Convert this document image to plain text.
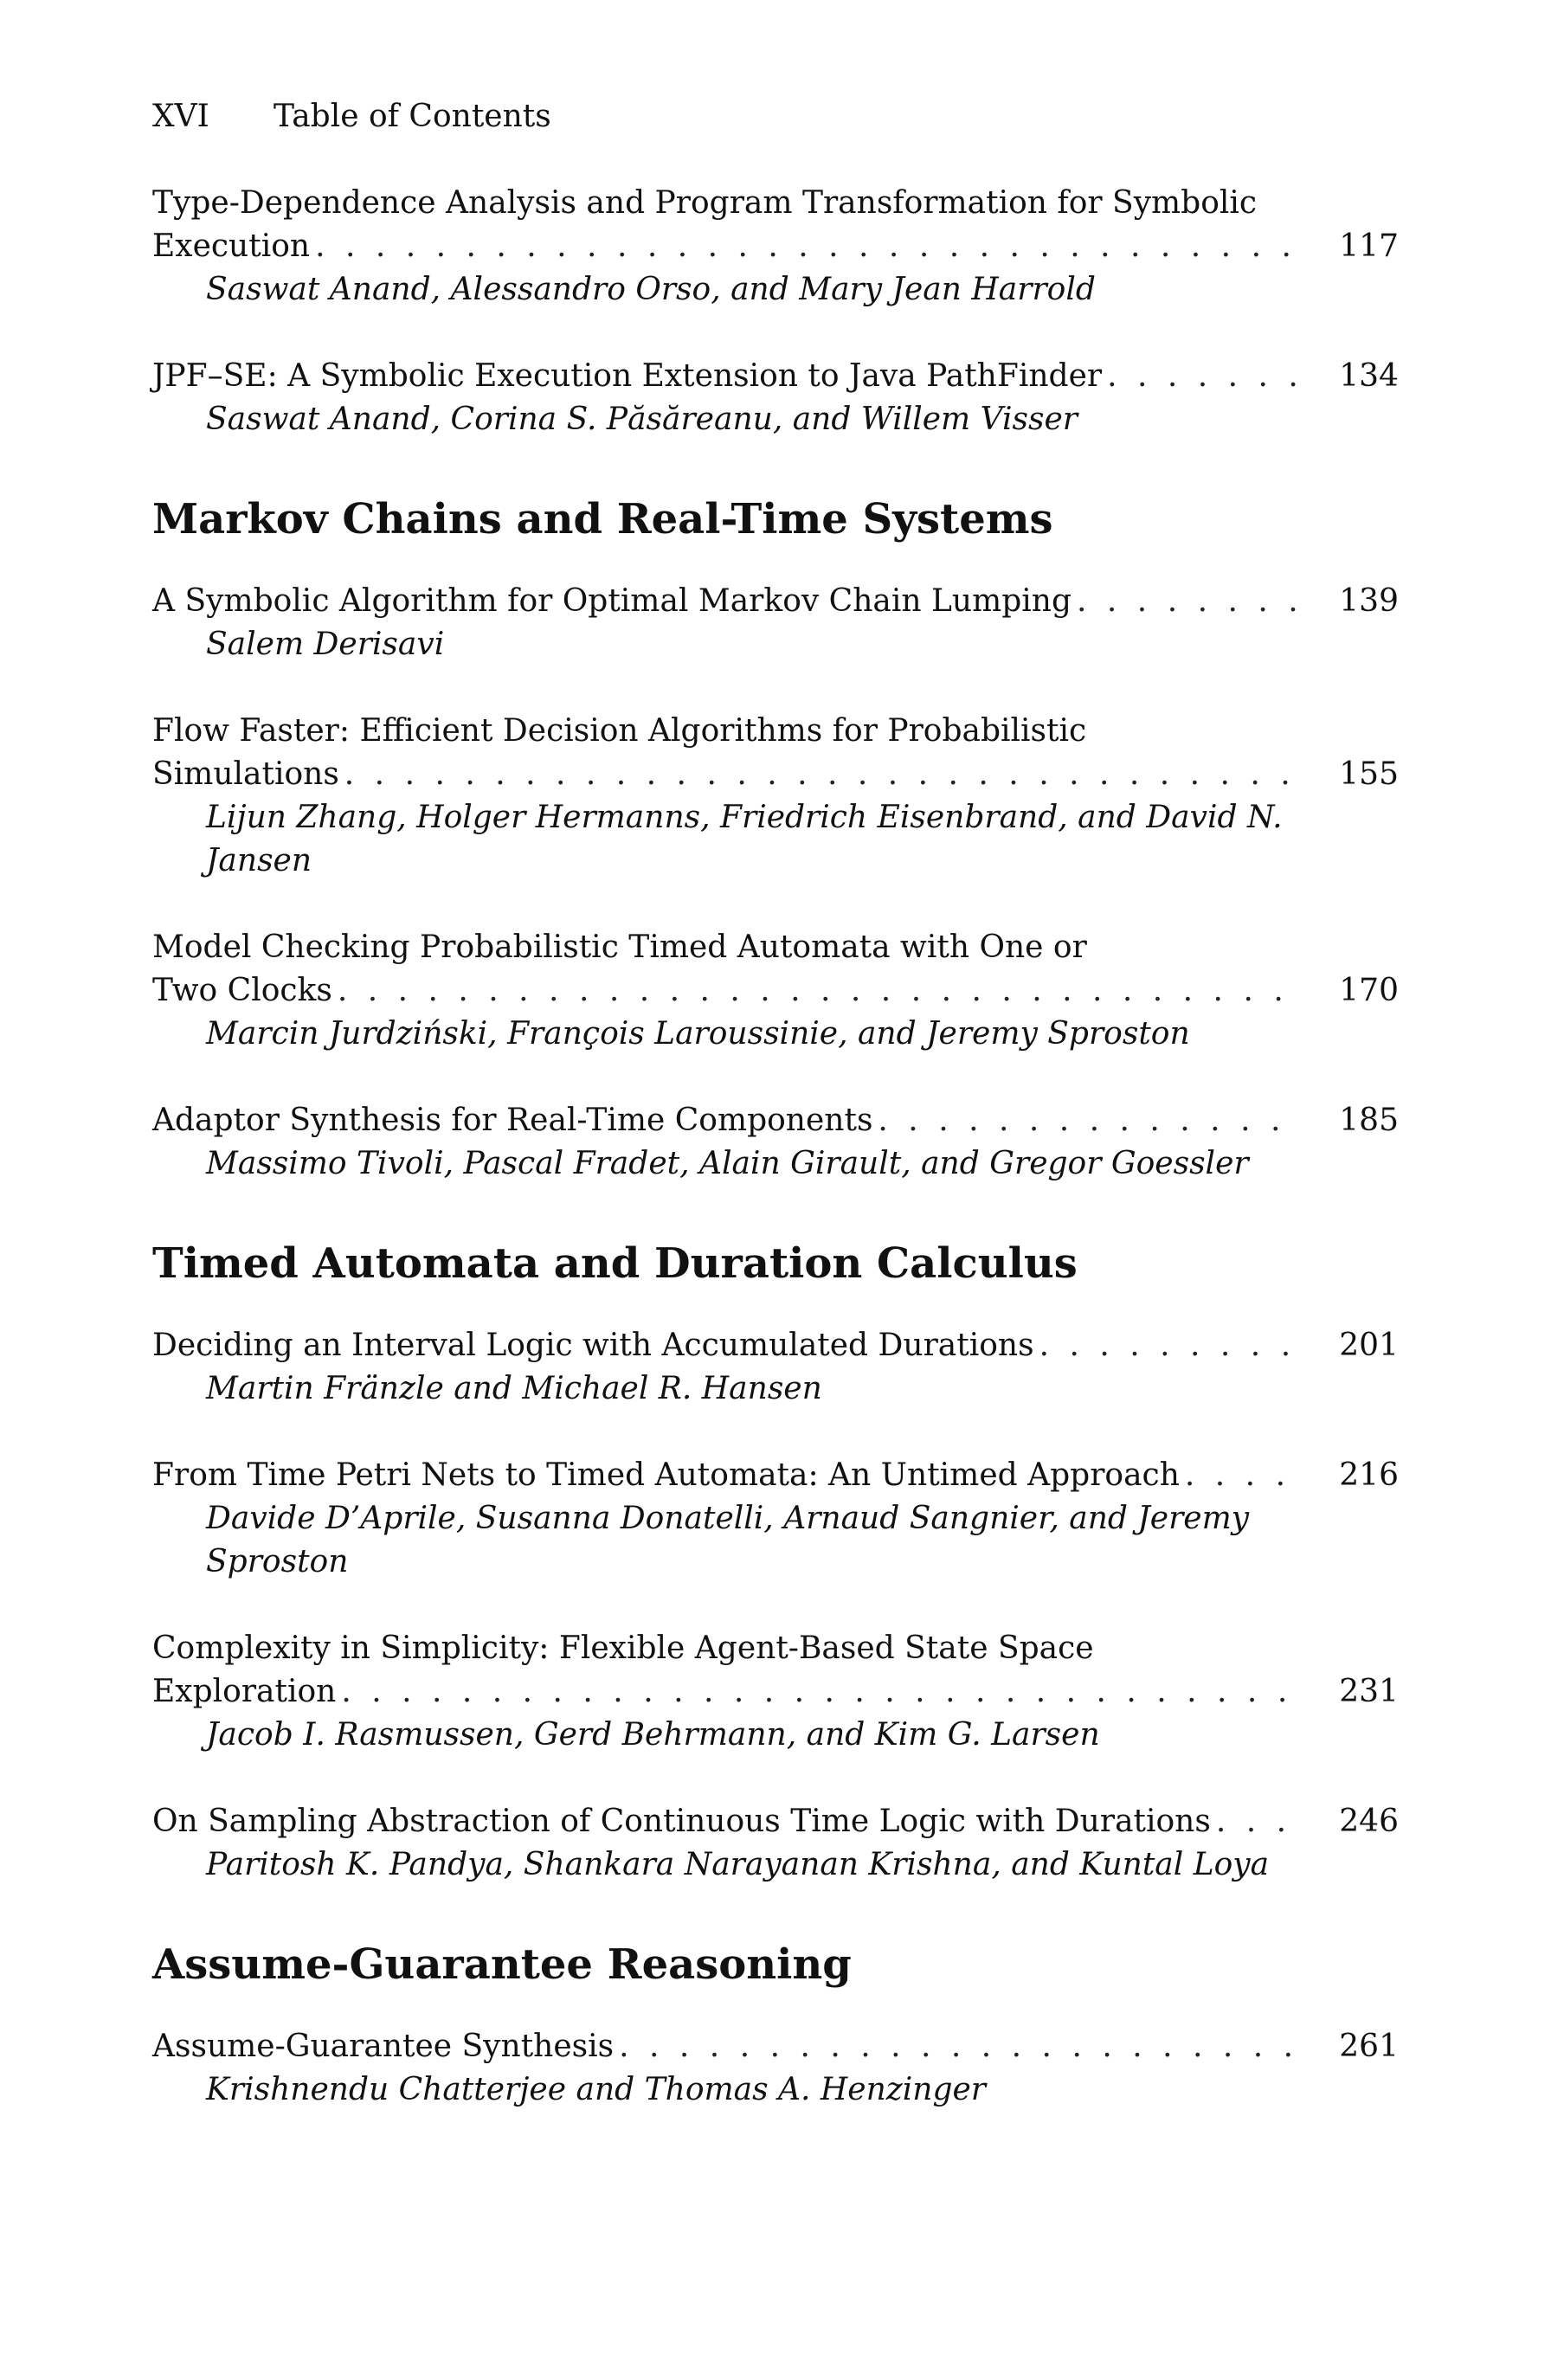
XVI Table of Contents
Type-Dependence Analysis and Program Transformation for Symbolic
Execution . . .	117
Saswat Anand, Alessandro Orso, and Mary Jean Harrold
JPF–SE: A Symbolic Execution Extension to Java PathFinder . . .	134
Saswat Anand, Corina S. Păsăreanu, and Willem Visser
Markov Chains and Real-Time Systems
A Symbolic Algorithm for Optimal Markov Chain Lumping . . .	139
Salem Derisavi
Flow Faster: Efficient Decision Algorithms for Probabilistic
Simulations . . .	155
Lijun Zhang, Holger Hermanns, Friedrich Eisenbrand, and David N. Jansen
Model Checking Probabilistic Timed Automata with One or
Two Clocks . . .	170
Marcin Jurdziński, François Laroussinie, and Jeremy Sproston
Adaptor Synthesis for Real-Time Components . . .	185
Massimo Tivoli, Pascal Fradet, Alain Girault, and Gregor Goessler
Timed Automata and Duration Calculus
Deciding an Interval Logic with Accumulated Durations . . .	201
Martin Fränzle and Michael R. Hansen
From Time Petri Nets to Timed Automata: An Untimed Approach . . .	216
Davide D’Aprile, Susanna Donatelli, Arnaud Sangnier, and Jeremy Sproston
Complexity in Simplicity: Flexible Agent-Based State Space
Exploration . . .	231
Jacob I. Rasmussen, Gerd Behrmann, and Kim G. Larsen
On Sampling Abstraction of Continuous Time Logic with Durations . . .	246
Paritosh K. Pandya, Shankara Narayanan Krishna, and Kuntal Loya
Assume-Guarantee Reasoning
Assume-Guarantee Synthesis . . .	261
Krishnendu Chatterjee and Thomas A. Henzinger
